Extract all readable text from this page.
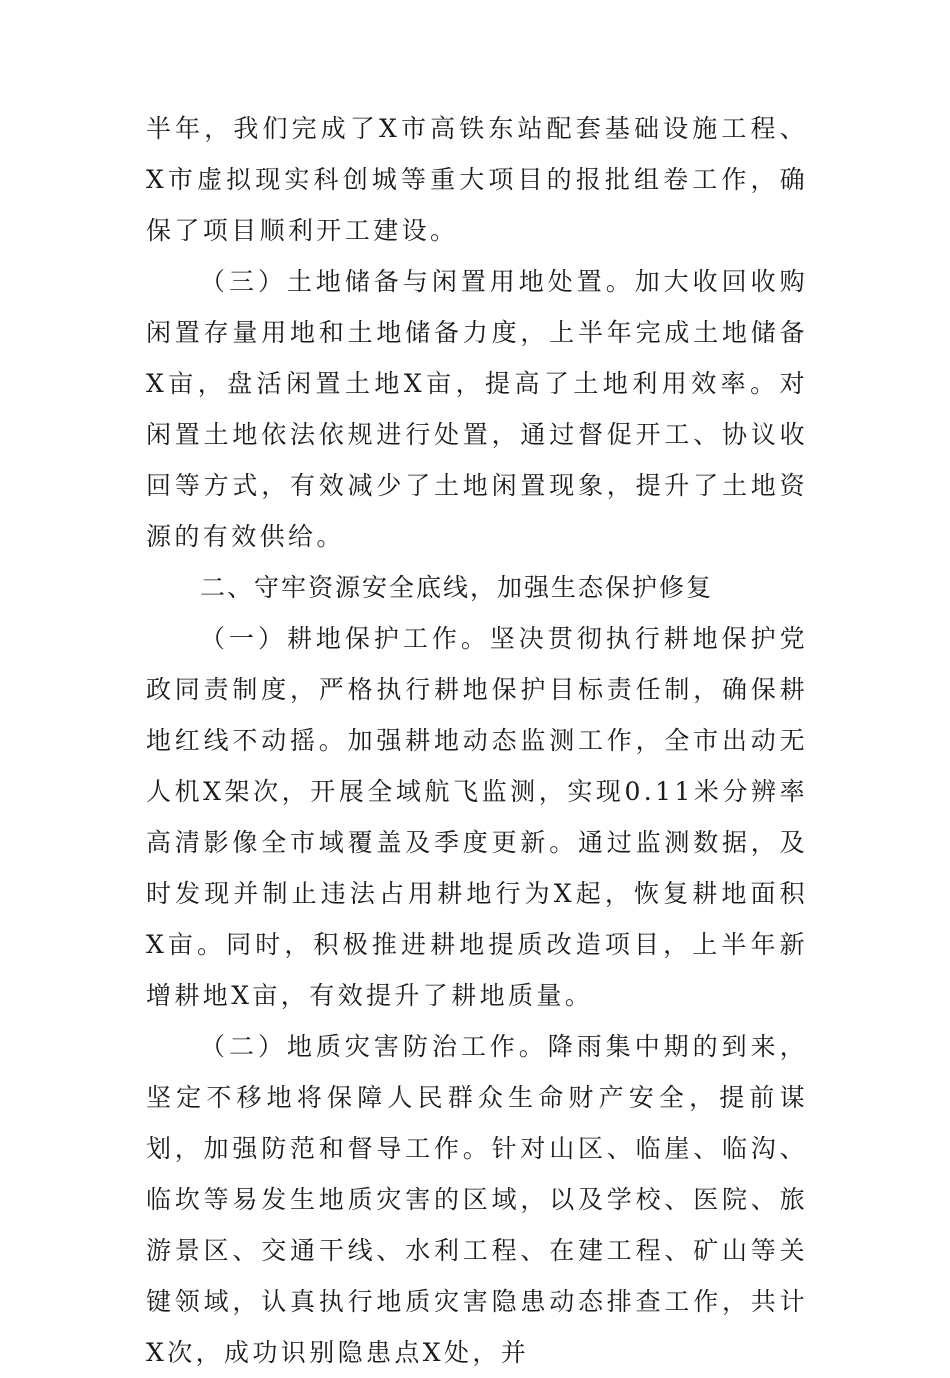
半年，我们完成了X市高铁东站配套基础设施工程、X市虚拟现实科创城等重大项目的报批组卷工作，确保了项目顺利开工建设。

（三）土地储备与闲置用地处置。加大收回收购闲置存量用地和土地储备力度，上半年完成土地储备X亩，盘活闲置土地X亩，提高了土地利用效率。对闲置土地依法依规进行处置，通过督促开工、协议收回等方式，有效减少了土地闲置现象，提升了土地资源的有效供给。

二、守牢资源安全底线，加强生态保护修复

（一）耕地保护工作。坚决贯彻执行耕地保护党政同责制度，严格执行耕地保护目标责任制，确保耕地红线不动摇。加强耕地动态监测工作，全市出动无人机X架次，开展全域航飞监测，实现0.11米分辨率高清影像全市域覆盖及季度更新。通过监测数据，及时发现并制止违法占用耕地行为X起，恢复耕地面积X亩。同时，积极推进耕地提质改造项目，上半年新增耕地X亩，有效提升了耕地质量。

（二）地质灾害防治工作。降雨集中期的到来，坚定不移地将保障人民群众生命财产安全，提前谋划，加强防范和督导工作。针对山区、临崖、临沟、临坎等易发生地质灾害的区域，以及学校、医院、旅游景区、交通干线、水利工程、在建工程、矿山等关键领域，认真执行地质灾害隐患动态排查工作，共计X次，成功识别隐患点X处，并
